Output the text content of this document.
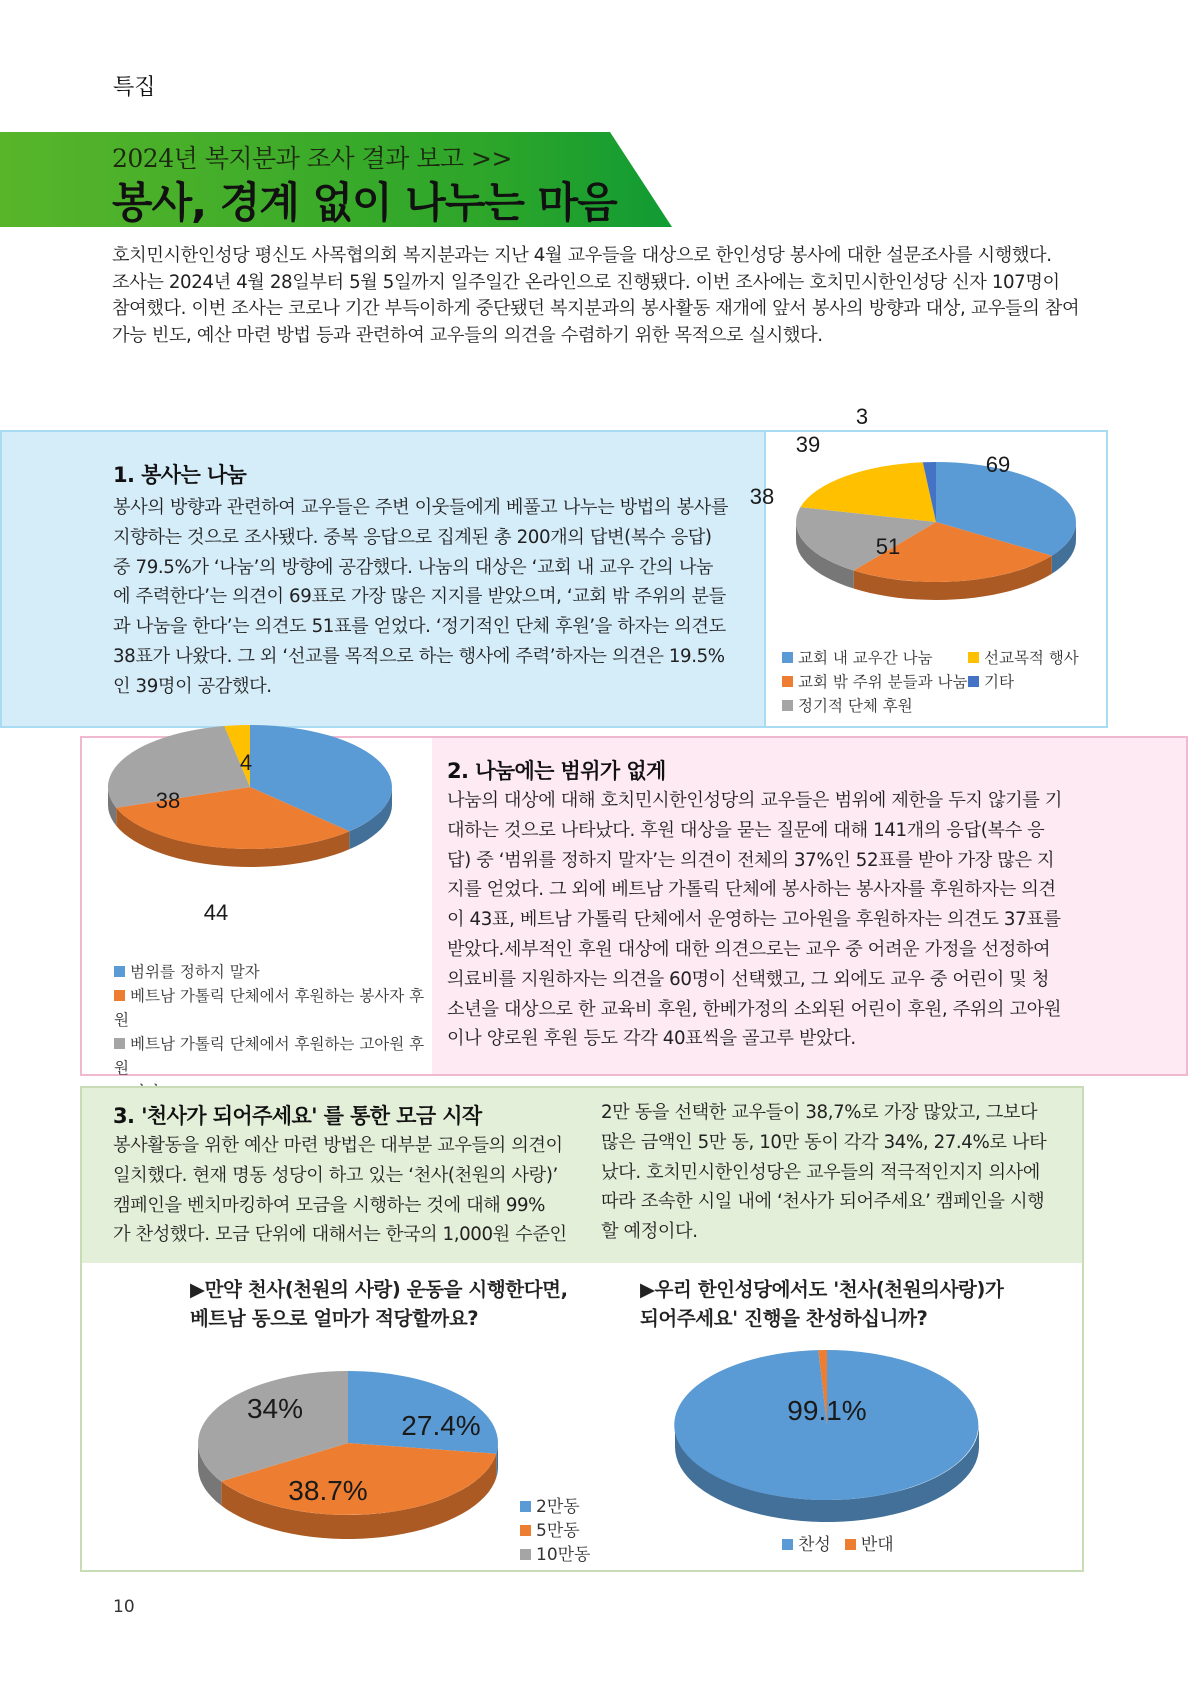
특집
2024년 복지분과 조사 결과 보고 >>
봉사, 경계 없이 나누는 마음
호치민시한인성당 평신도 사목협의회 복지분과는 지난 4월 교우들을 대상으로 한인성당 봉사에 대한 설문조사를 시행했다.
조사는 2024년 4월 28일부터 5월 5일까지 일주일간 온라인으로 진행됐다. 이번 조사에는 호치민시한인성당 신자 107명이
참여했다. 이번 조사는 코로나 기간 부득이하게 중단됐던 복지분과의 봉사활동 재개에 앞서 봉사의 방향과 대상, 교우들의 참여
가능 빈도, 예산 마련 방법 등과 관련하여 교우들의 의견을 수렴하기 위한 목적으로 실시했다.
1. 봉사는 나눔
봉사의 방향과 관련하여 교우들은 주변 이웃들에게 베풀고 나누는 방법의 봉사를
지향하는 것으로 조사됐다. 중복 응답으로 집계된 총 200개의 답변(복수 응답)
중 79.5%가 ‘나눔’의 방향에 공감했다. 나눔의 대상은 ‘교회 내 교우 간의 나눔
에 주력한다’는 의견이 69표로 가장 많은 지지를 받았으며, ‘교회 밖 주위의 분들
과 나눔을 한다’는 의견도 51표를 얻었다. ‘정기적인 단체 후원’을 하자는 의견도
38표가 나왔다. 그 외 ‘선교를 목적으로 하는 행사에 주력’하자는 의견은 19.5%
인 39명이 공감했다.
69
51
38
39
3
교회 내 교우간 나눔	선교목적 행사
교회 밖 주위 분들과 나눔	기타
정기적 단체 후원
44
38
4
범위를 정하지 말자
베트남 가톨릭 단체에서 후원하는 봉사자 후원
베트남 가톨릭 단체에서 후원하는 고아원 후원
2. 나눔에는 범위가 없게
나눔의 대상에 대해 호치민시한인성당의 교우들은 범위에 제한을 두지 않기를 기
대하는 것으로 나타났다. 후원 대상을 묻는 질문에 대해 141개의 응답(복수 응
답) 중 ‘범위를 정하지 말자’는 의견이 전체의 37%인 52표를 받아 가장 많은 지
지를 얻었다. 그 외에 베트남 가톨릭 단체에 봉사하는 봉사자를 후원하자는 의견
이 43표, 베트남 가톨릭 단체에서 운영하는 고아원을 후원하자는 의견도 37표를
받았다.세부적인 후원 대상에 대한 의견으로는 교우 중 어려운 가정을 선정하여
의료비를 지원하자는 의견을 60명이 선택했고, 그 외에도 교우 중 어린이 및 청
소년을 대상으로 한 교육비 후원, 한베가정의 소외된 어린이 후원, 주위의 고아원
이나 양로원 후원 등도 각각 40표씩을 골고루 받았다.
3. '천사가 되어주세요' 를 통한 모금 시작
봉사활동을 위한 예산 마련 방법은 대부분 교우들의 의견이
일치했다. 현재 명동 성당이 하고 있는 ‘천사(천원의 사랑)’
캠페인을 벤치마킹하여 모금을 시행하는 것에 대해 99%
가 찬성했다. 모금 단위에 대해서는 한국의 1,000원 수준인
2만 동을 선택한 교우들이 38,7%로 가장 많았고, 그보다
많은 금액인 5만 동, 10만 동이 각각 34%, 27.4%로 나타
났다. 호치민시한인성당은 교우들의 적극적인지지 의사에
따라 조속한 시일 내에 ‘천사가 되어주세요’ 캠페인을 시행
할 예정이다.
▶만약 천사(천원의 사랑) 운동을 시행한다면,
베트남 동으로 얼마가 적당할까요?
27.4%
38.7%
34%
2만동
5만동
10만동
▶우리 한인성당에서도 '천사(천원의사랑)가
되어주세요' 진행을 찬성하십니까?
99.1%
찬성	반대
10
